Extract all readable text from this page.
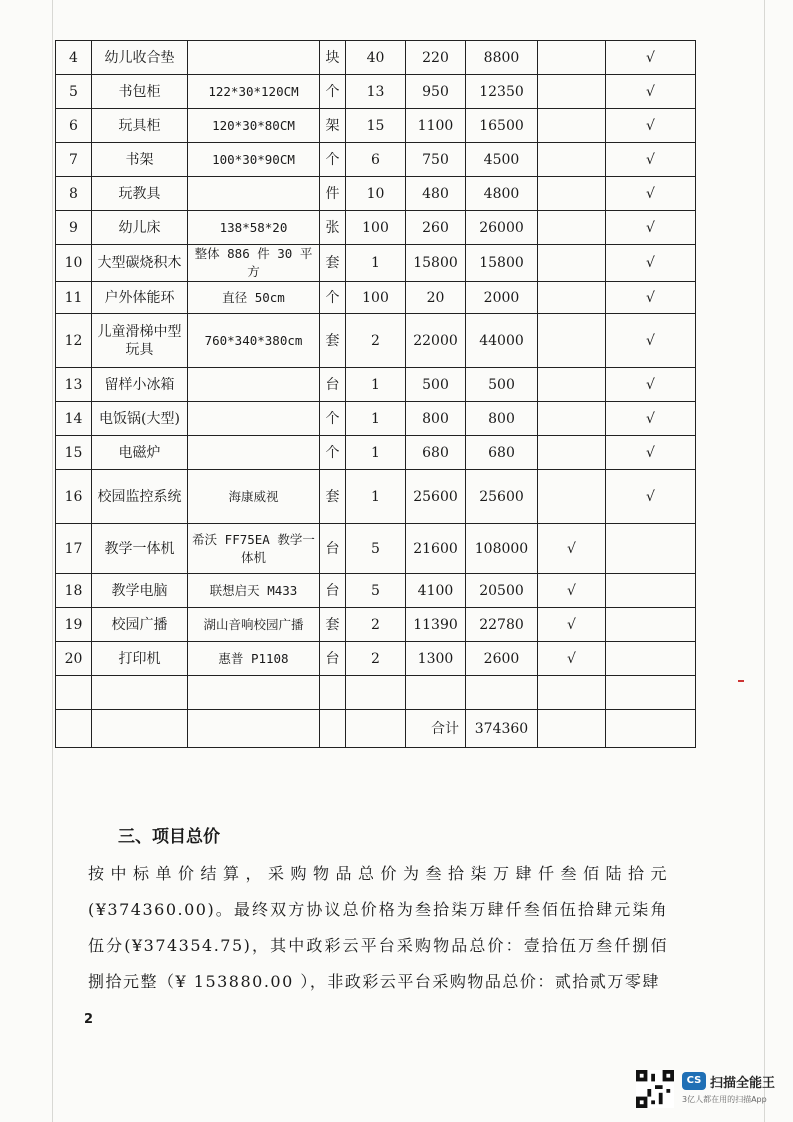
4	幼儿收合垫		块	40	220	8800		√
5	书包柜	122*30*120CM	个	13	950	12350		√
6	玩具柜	120*30*80CM	架	15	1100	16500		√
7	书架	100*30*90CM	个	6	750	4500		√
8	玩教具		件	10	480	4800		√
9	幼儿床	138*58*20	张	100	260	26000		√
10	大型碳烧积木	整体 886 件 30 平方	套	1	15800	15800		√
11	户外体能环	直径 50cm	个	100	20	2000		√
12	儿童滑梯中型玩具	760*340*380cm	套	2	22000	44000		√
13	留样小冰箱		台	1	500	500		√
14	电饭锅(大型)		个	1	800	800		√
15	电磁炉		个	1	680	680		√
16	校园监控系统	海康威视	套	1	25600	25600		√
17	教学一体机	希沃 FF75EA 教学一体机	台	5	21600	108000	√	
18	教学电脑	联想启天 M433	台	5	4100	20500	√	
19	校园广播	湖山音响校园广播	套	2	11390	22780	√	
20	打印机	惠普 P1108	台	2	1300	2600	√	

					合计	374360		
三、项目总价
按中标单价结算，采购物品总价为叁拾柒万肆仟叁佰陆拾元(¥374360.00)。最终双方协议总价格为叁拾柒万肆仟叁佰伍拾肆元柒角伍分(¥374354.75)，其中政彩云平台采购物品总价：壹拾伍万叁仟捌佰捌拾元整（¥ 153880.00 ），非政彩云平台采购物品总价：贰拾贰万零肆
2
CS 扫描全能王
3亿人都在用的扫描App
